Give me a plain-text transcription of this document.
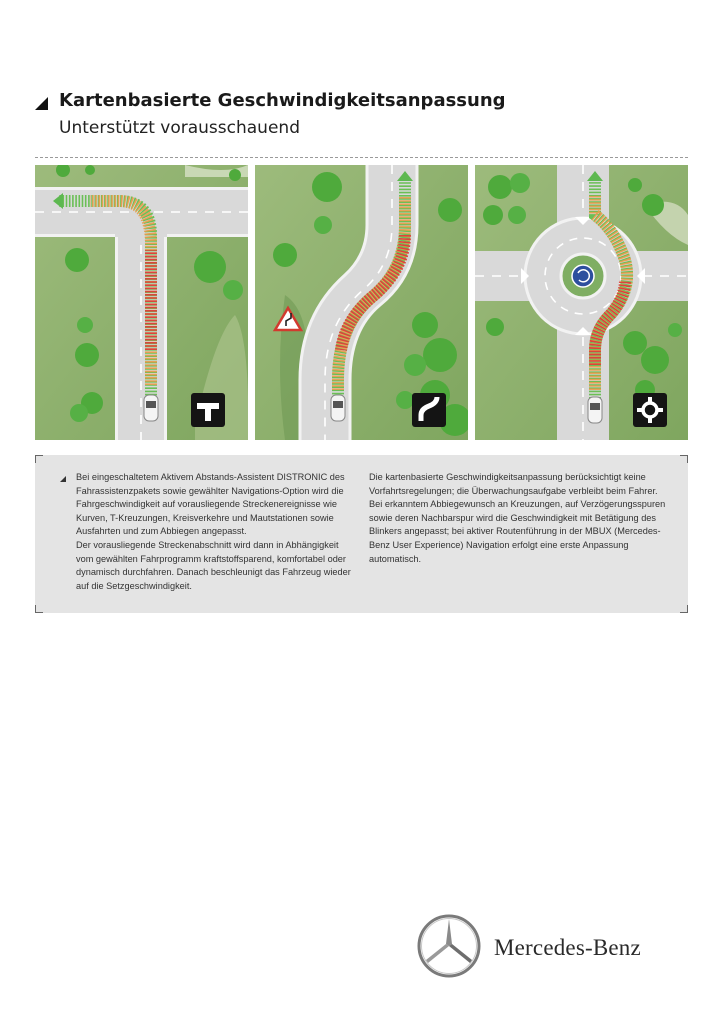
Kartenbasierte Geschwindigkeitsanpassung
Unterstützt vorausschauend

Bei eingeschaltetem Aktivem Abstands-Assistent DISTRONIC des Fahrassistenzpakets sowie gewählter Navigations-Option wird die Fahrgeschwindigkeit auf vorausliegende Streckenereignisse wie Kurven, T-Kreuzungen, Kreisverkehre und Mautstationen sowie Ausfahrten und zum Abbiegen angepasst.

Der vorausliegende Streckenabschnitt wird dann in Abhängigkeit vom gewählten Fahrprogramm kraftstoffsparend, komfortabel oder dynamisch durchfahren. Danach beschleunigt das Fahrzeug wieder auf die Setzgeschwindigkeit.

Die kartenbasierte Geschwindigkeitsanpassung berücksichtigt keine Vorfahrtsregelungen; die Überwachungsaufgabe verbleibt beim Fahrer.

Bei erkanntem Abbiegewunsch an Kreuzungen, auf Verzögerungsspuren sowie deren Nachbarspur wird die Geschwindigkeit mit Betätigung des Blinkers angepasst; bei aktiver Routenführung in der MBUX (Mercedes-Benz User Experience) Navigation erfolgt eine erste Anpassung automatisch.

Mercedes-Benz
